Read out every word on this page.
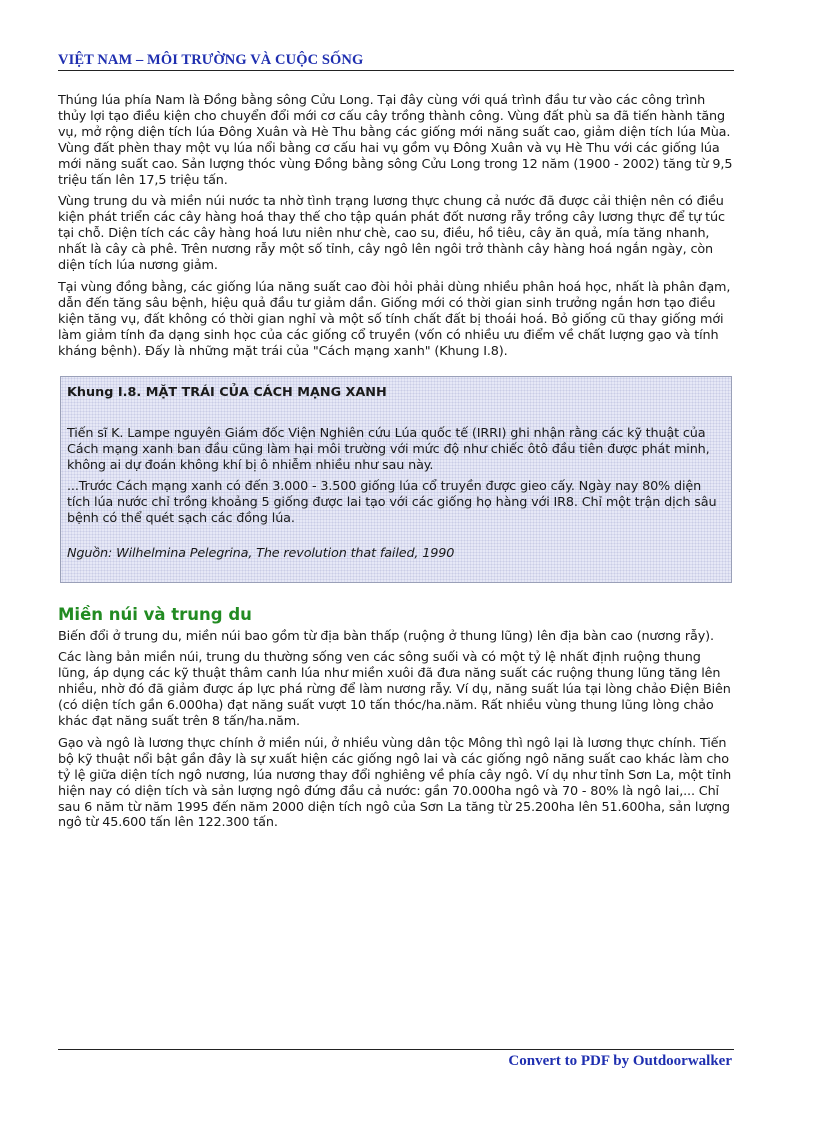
VIỆT NAM – MÔI TRƯỜNG VÀ CUỘC SỐNG

Thúng lúa phía Nam là Đồng bằng sông Cửu Long. Tại đây cùng với quá trình đầu tư vào các công trình thủy lợi tạo điều kiện cho chuyển đổi mới cơ cấu cây trồng thành công. Vùng đất phù sa đã tiến hành tăng vụ, mở rộng diện tích lúa Đông Xuân và Hè Thu bằng các giống mới năng suất cao, giảm diện tích lúa Mùa. Vùng đất phèn thay một vụ lúa nổi bằng cơ cấu hai vụ gồm vụ Đông Xuân và vụ Hè Thu với các giống lúa mới năng suất cao. Sản lượng thóc vùng Đồng bằng sông Cửu Long trong 12 năm (1900 - 2002) tăng từ 9,5 triệu tấn lên 17,5 triệu tấn.

Vùng trung du và miền núi nước ta nhờ tình trạng lương thực chung cả nước đã được cải thiện nên có điều kiện phát triển các cây hàng hoá thay thế cho tập quán phát đốt nương rẫy trồng cây lương thực để tự túc tại chỗ. Diện tích các cây hàng hoá lưu niên như chè, cao su, điều, hồ tiêu, cây ăn quả, mía tăng nhanh, nhất là cây cà phê. Trên nương rẫy một số tỉnh, cây ngô lên ngôi trở thành cây hàng hoá ngắn ngày, còn diện tích lúa nương giảm.

Tại vùng đồng bằng, các giống lúa năng suất cao đòi hỏi phải dùng nhiều phân hoá học, nhất là phân đạm, dẫn đến tăng sâu bệnh, hiệu quả đầu tư giảm dần. Giống mới có thời gian sinh trưởng ngắn hơn tạo điều kiện tăng vụ, đất không có thời gian nghỉ và một số tính chất đất bị thoái hoá. Bỏ giống cũ thay giống mới làm giảm tính đa dạng sinh học của các giống cổ truyền (vốn có nhiều ưu điểm về chất lượng gạo và tính kháng bệnh). Đấy là những mặt trái của "Cách mạng xanh" (Khung I.8).

Khung I.8. MẶT TRÁI CỦA CÁCH MẠNG XANH

Tiến sĩ K. Lampe nguyên Giám đốc Viện Nghiên cứu Lúa quốc tế (IRRI) ghi nhận rằng các kỹ thuật của Cách mạng xanh ban đầu cũng làm hại môi trường với mức độ như chiếc ôtô đầu tiên được phát minh, không ai dự đoán không khí bị ô nhiễm nhiều như sau này.

...Trước Cách mạng xanh có đến 3.000 - 3.500 giống lúa cổ truyền được gieo cấy. Ngày nay 80% diện tích lúa nước chỉ trồng khoảng 5 giống được lai tạo với các giống họ hàng với IR8. Chỉ một trận dịch sâu bệnh có thể quét sạch các đồng lúa.

Nguồn: Wilhelmina Pelegrina, The revolution that failed, 1990

Miền núi và trung du

Biến đổi ở trung du, miền núi bao gồm từ địa bàn thấp (ruộng ở thung lũng) lên địa bàn cao (nương rẫy).

Các làng bản miền núi, trung du thường sống ven các sông suối và có một tỷ lệ nhất định ruộng thung lũng, áp dụng các kỹ thuật thâm canh lúa như miền xuôi đã đưa năng suất các ruộng thung lũng tăng lên nhiều, nhờ đó đã giảm được áp lực phá rừng để làm nương rẫy. Ví dụ, năng suất lúa tại lòng chảo Điện Biên (có diện tích gần 6.000ha) đạt năng suất vượt 10 tấn thóc/ha.năm. Rất nhiều vùng thung lũng lòng chảo khác đạt năng suất trên 8 tấn/ha.năm.

Gạo và ngô là lương thực chính ở miền núi, ở nhiều vùng dân tộc Mông thì ngô lại là lương thực chính. Tiến bộ kỹ thuật nổi bật gần đây là sự xuất hiện các giống ngô lai và các giống ngô năng suất cao khác làm cho tỷ lệ giữa diện tích ngô nương, lúa nương thay đổi nghiêng về phía cây ngô. Ví dụ như tỉnh Sơn La, một tỉnh hiện nay có diện tích và sản lượng ngô đứng đầu cả nước: gần 70.000ha ngô và 70 - 80% là ngô lai,... Chỉ sau 6 năm từ năm 1995 đến năm 2000 diện tích ngô của Sơn La tăng từ 25.200ha lên 51.600ha, sản lượng ngô từ 45.600 tấn lên 122.300 tấn.

Convert to PDF by Outdoorwalker
